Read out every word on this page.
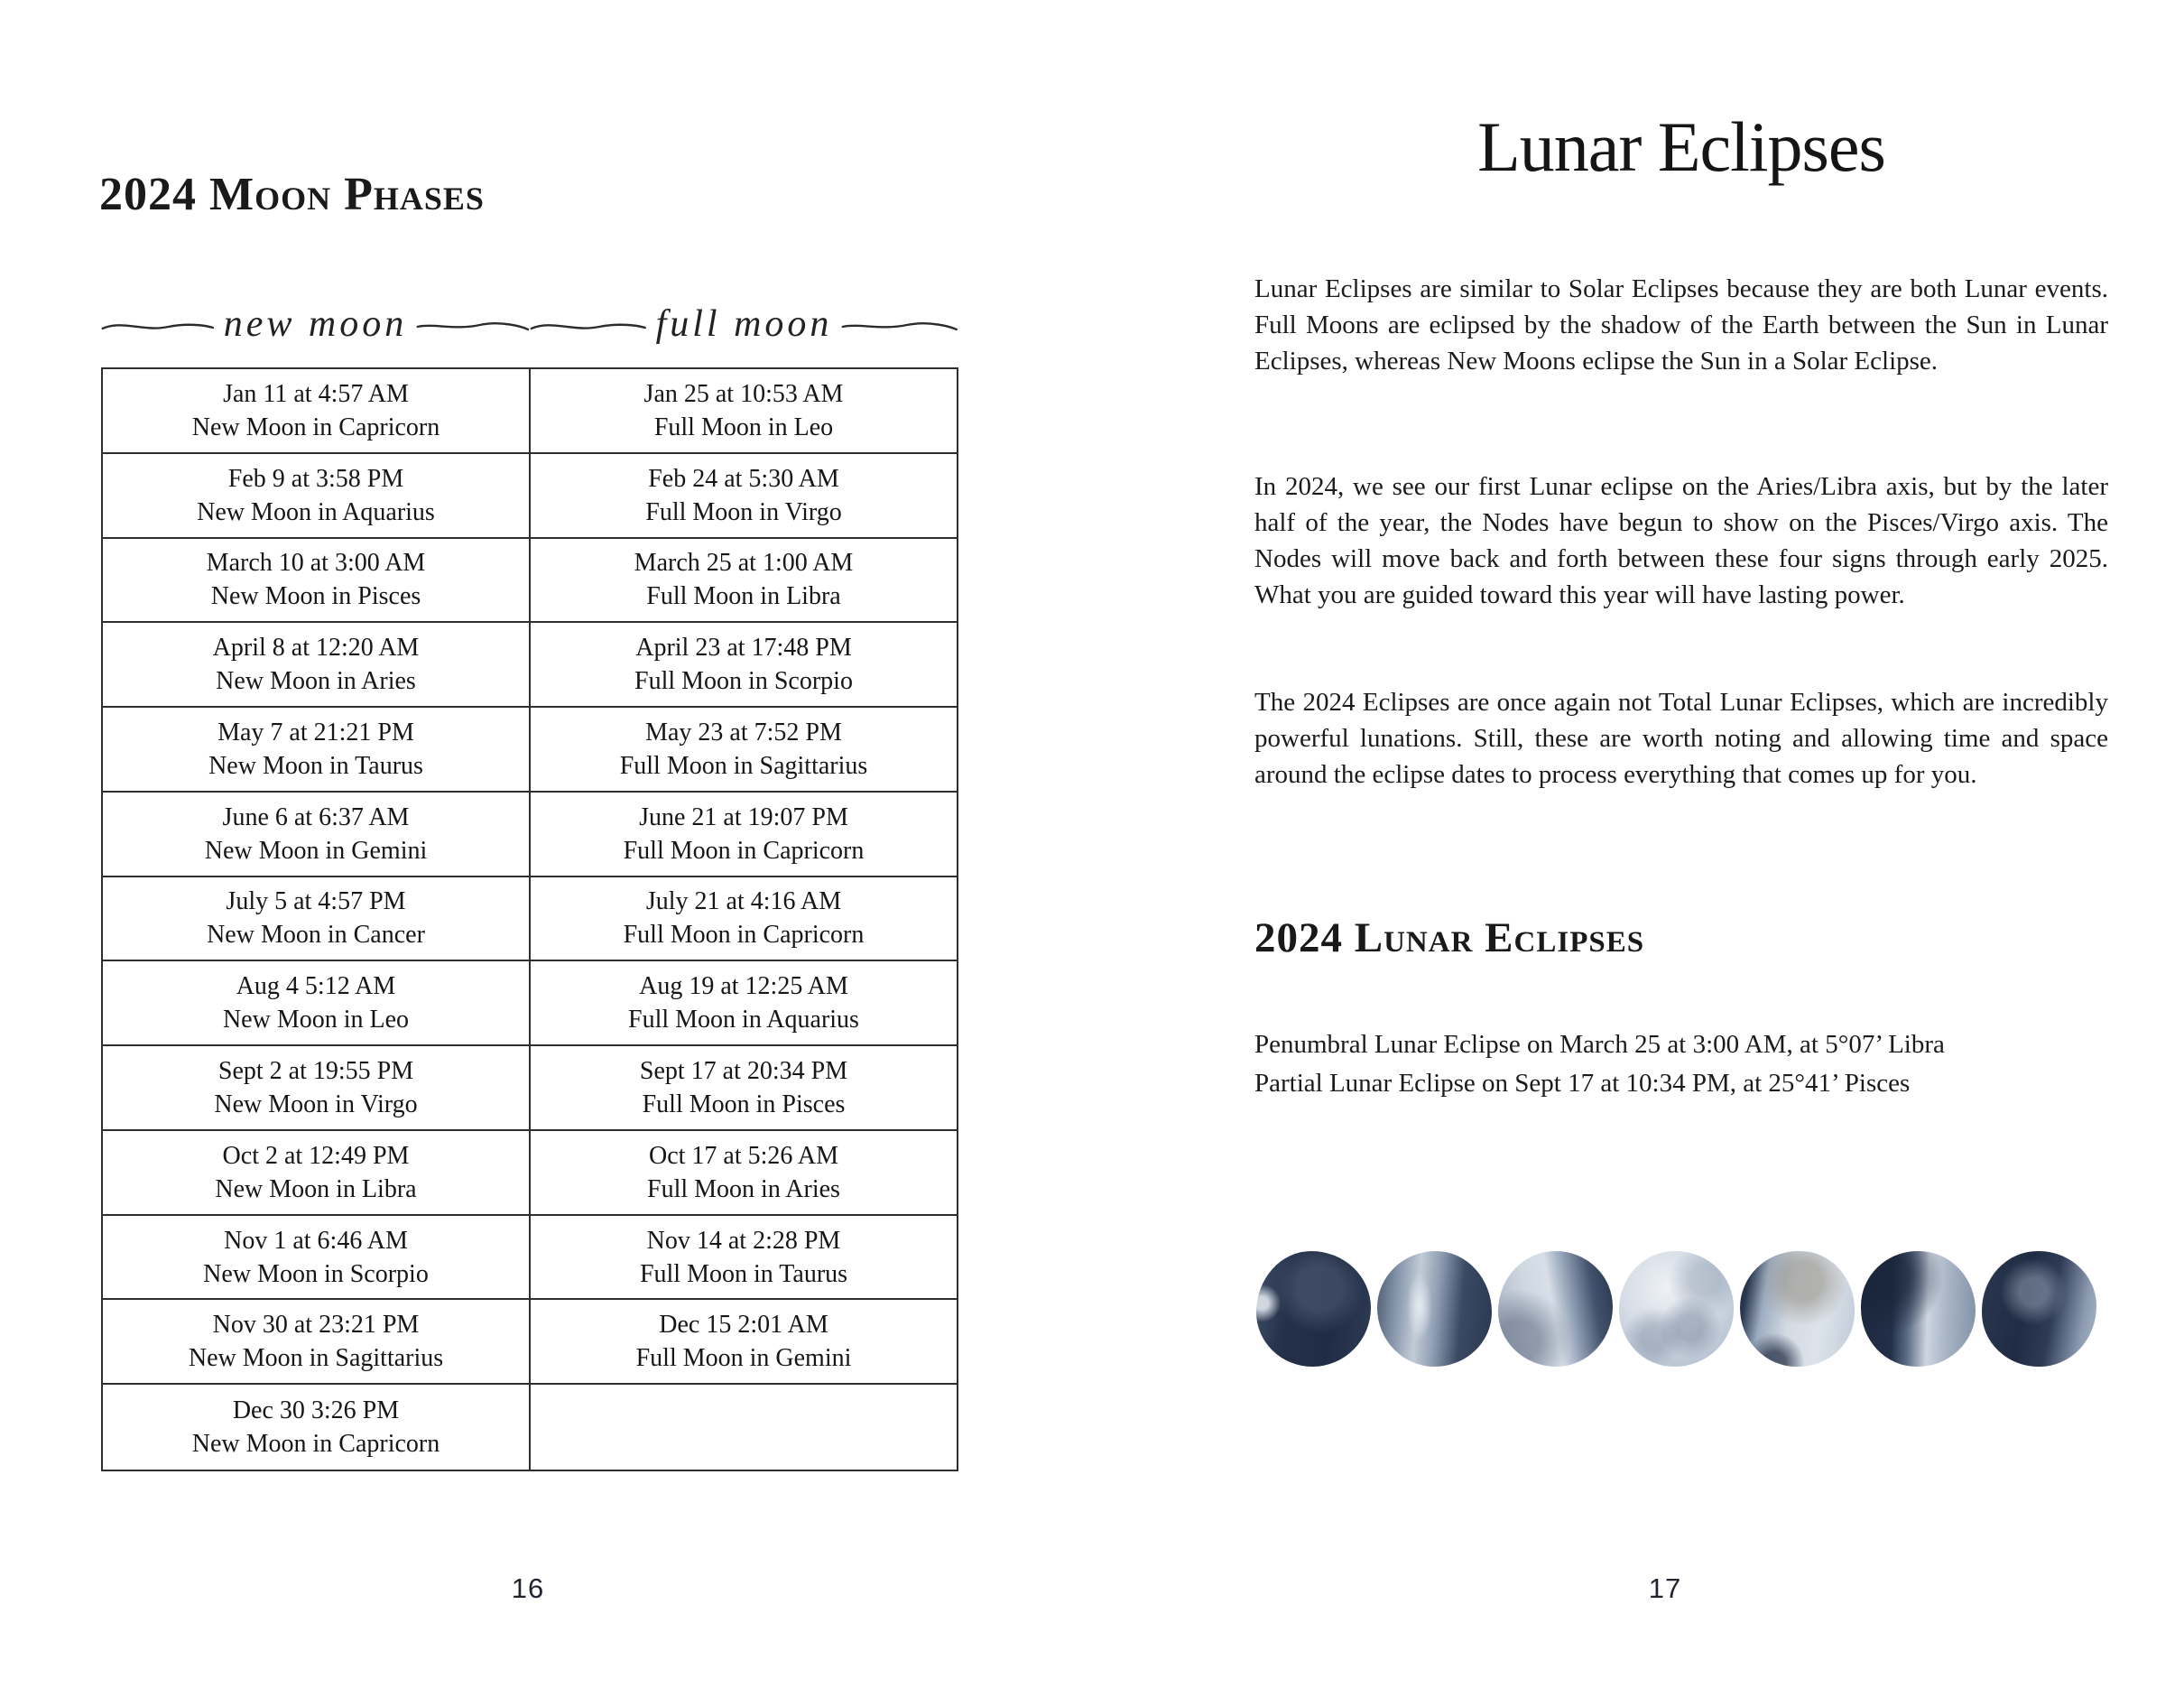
2024 Moon Phases
new moon	full moon
Jan 11 at 4:57 AM
New Moon in Capricorn
Jan 25 at 10:53 AM
Full Moon in Leo
Feb 9 at 3:58 PM
New Moon in Aquarius
Feb 24 at 5:30 AM
Full Moon in Virgo
March 10 at 3:00 AM
New Moon in Pisces
March 25 at 1:00 AM
Full Moon in Libra
April 8 at 12:20 AM
New Moon in Aries
April 23 at 17:48 PM
Full Moon in Scorpio
May 7 at 21:21 PM
New Moon in Taurus
May 23 at 7:52 PM
Full Moon in Sagittarius
June 6 at 6:37 AM
New Moon in Gemini
June 21 at 19:07 PM
Full Moon in Capricorn
July 5 at 4:57 PM
New Moon in Cancer
July 21 at 4:16 AM
Full Moon in Capricorn
Aug 4 5:12 AM
New Moon in Leo
Aug 19 at 12:25 AM
Full Moon in Aquarius
Sept 2 at 19:55 PM
New Moon in Virgo
Sept 17 at 20:34 PM
Full Moon in Pisces
Oct 2 at 12:49 PM
New Moon in Libra
Oct 17 at 5:26 AM
Full Moon in Aries
Nov 1 at 6:46 AM
New Moon in Scorpio
Nov 14 at 2:28 PM
Full Moon in Taurus
Nov 30 at 23:21 PM
New Moon in Sagittarius
Dec 15 2:01 AM
Full Moon in Gemini
Dec 30 3:26 PM
New Moon in Capricorn
16
Lunar Eclipses

Lunar Eclipses are similar to Solar Eclipses because they are both Lunar events. Full Moons are eclipsed by the shadow of the Earth between the Sun in Lunar Eclipses, whereas New Moons eclipse the Sun in a Solar Eclipse.

In 2024, we see our first Lunar eclipse on the Aries/Libra axis, but by the later half of the year, the Nodes have begun to show on the Pisces/Virgo axis. The Nodes will move back and forth between these four signs through early 2025. What you are guided toward this year will have lasting power.

The 2024 Eclipses are once again not Total Lunar Eclipses, which are incredibly powerful lunations. Still, these are worth noting and allowing time and space around the eclipse dates to process everything that comes up for you.

2024 Lunar Eclipses
Penumbral Lunar Eclipse on March 25 at 3:00 AM, at 5°07’ Libra
Partial Lunar Eclipse on Sept 17 at 10:34 PM, at 25°41’ Pisces
17
